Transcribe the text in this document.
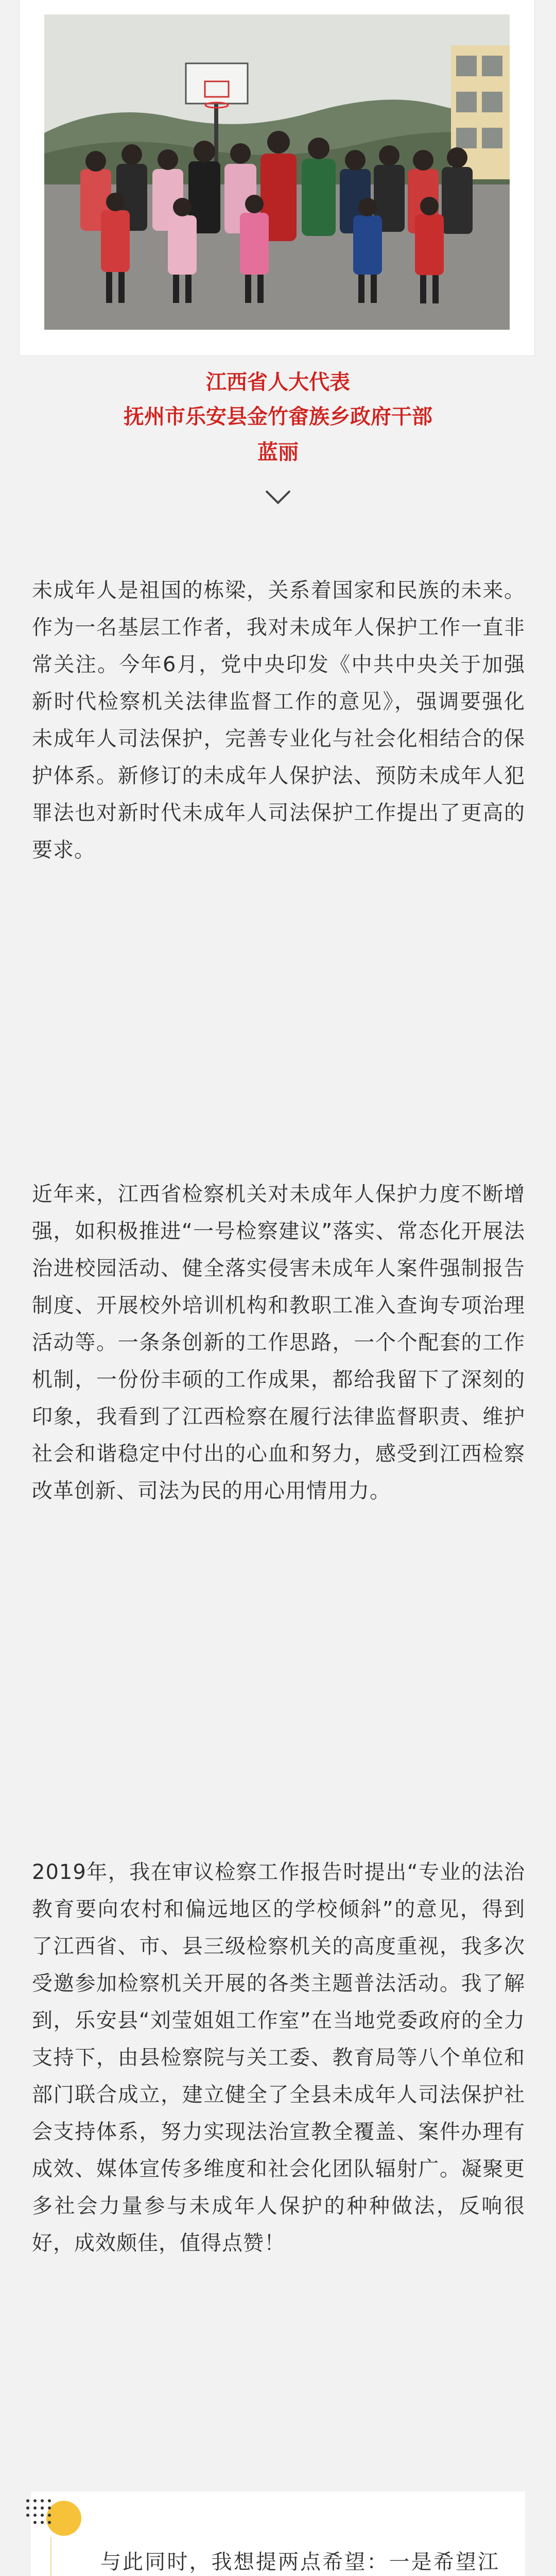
江西省人大代表
抚州市乐安县金竹畲族乡政府干部
蓝丽

未成年人是祖国的栋梁，关系着国家和民族的未来。作为一名基层工作者，我对未成年人保护工作一直非常关注。今年6月，党中央印发《中共中央关于加强新时代检察机关法律监督工作的意见》，强调要强化未成年人司法保护，完善专业化与社会化相结合的保护体系。新修订的未成年人保护法、预防未成年人犯罪法也对新时代未成年人司法保护工作提出了更高的要求。

近年来，江西省检察机关对未成年人保护力度不断增强，如积极推进“一号检察建议”落实、常态化开展法治进校园活动、健全落实侵害未成年人案件强制报告制度、开展校外培训机构和教职工准入查询专项治理活动等。一条条创新的工作思路，一个个配套的工作机制，一份份丰硕的工作成果，都给我留下了深刻的印象，我看到了江西检察在履行法律监督职责、维护社会和谐稳定中付出的心血和努力，感受到江西检察改革创新、司法为民的用心用情用力。

2019年，我在审议检察工作报告时提出“专业的法治教育要向农村和偏远地区的学校倾斜”的意见，得到了江西省、市、县三级检察机关的高度重视，我多次受邀参加检察机关开展的各类主题普法活动。我了解到，乐安县“刘莹姐姐工作室”在当地党委政府的全力支持下，由县检察院与关工委、教育局等八个单位和部门联合成立，建立健全了全县未成年人司法保护社会支持体系，努力实现法治宣教全覆盖、案件办理有成效、媒体宣传多维度和社会化团队辐射广。凝聚更多社会力量参与未成年人保护的种种做法，反响很好，成效颇佳，值得点赞！

与此同时，我想提两点希望：一是希望江
